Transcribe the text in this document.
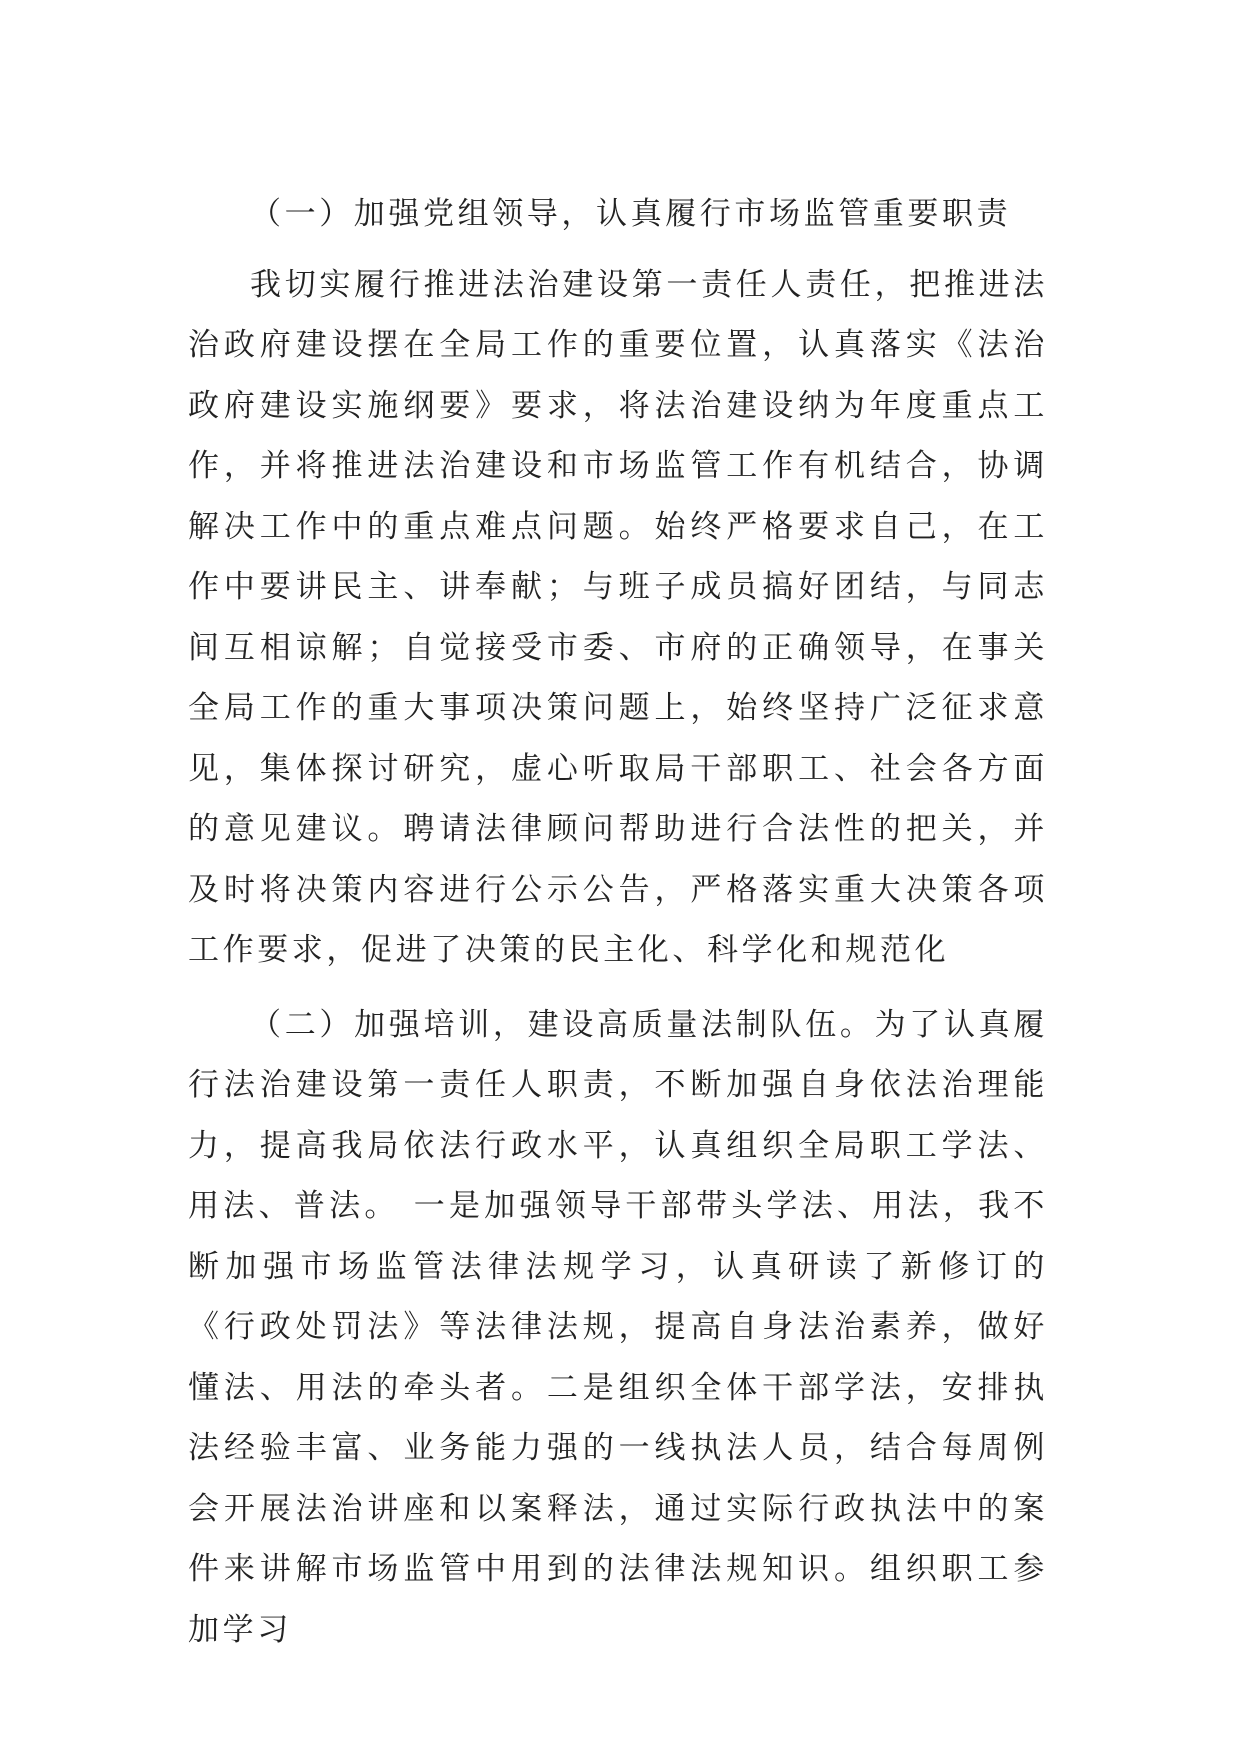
（一）加强党组领导，认真履行市场监管重要职责

我切实履行推进法治建设第一责任人责任，把推进法治政府建设摆在全局工作的重要位置，认真落实《法治政府建设实施纲要》要求，将法治建设纳为年度重点工作，并将推进法治建设和市场监管工作有机结合，协调解决工作中的重点难点问题。始终严格要求自己，在工作中要讲民主、讲奉献；与班子成员搞好团结，与同志间互相谅解；自觉接受市委、市府的正确领导，在事关全局工作的重大事项决策问题上，始终坚持广泛征求意见，集体探讨研究，虚心听取局干部职工、社会各方面的意见建议。聘请法律顾问帮助进行合法性的把关，并及时将决策内容进行公示公告，严格落实重大决策各项工作要求，促进了决策的民主化、科学化和规范化

（二）加强培训，建设高质量法制队伍。为了认真履行法治建设第一责任人职责，不断加强自身依法治理能力，提高我局依法行政水平，认真组织全局职工学法、用法、普法。 一是加强领导干部带头学法、用法，我不断加强市场监管法律法规学习，认真研读了新修订的《行政处罚法》等法律法规，提高自身法治素养，做好懂法、用法的牵头者。二是组织全体干部学法，安排执法经验丰富、业务能力强的一线执法人员，结合每周例会开展法治讲座和以案释法，通过实际行政执法中的案件来讲解市场监管中用到的法律法规知识。组织职工参加学习
